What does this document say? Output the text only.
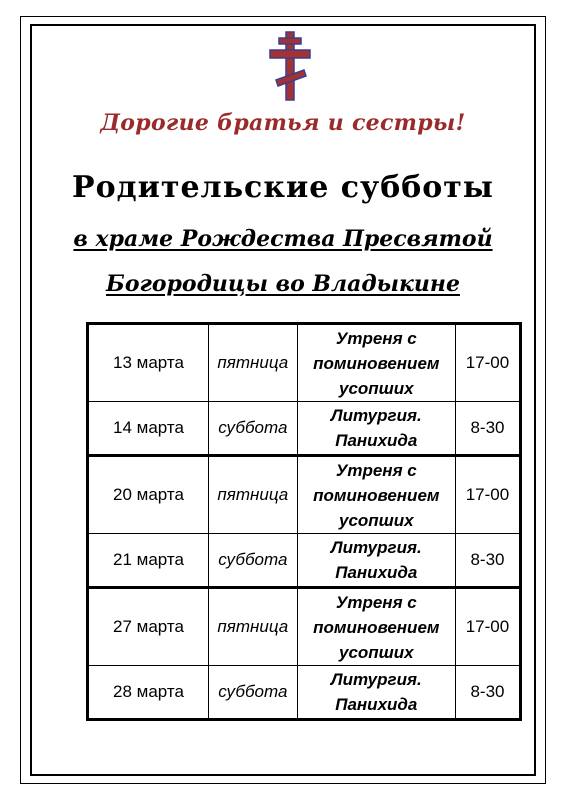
Дорогие братья и сестры!
Родительские субботы
в храме Рождества Пресвятой
Богородицы во Владыкине
13 марта	пятница	Утреня с
поминовением
усопших	17-00
14 марта	суббота	Литургия.
Панихида	8-30
20 марта	пятница	Утреня с
поминовением
усопших	17-00
21 марта	суббота	Литургия.
Панихида	8-30
27 марта	пятница	Утреня с
поминовением
усопших	17-00
28 марта	суббота	Литургия.
Панихида	8-30
